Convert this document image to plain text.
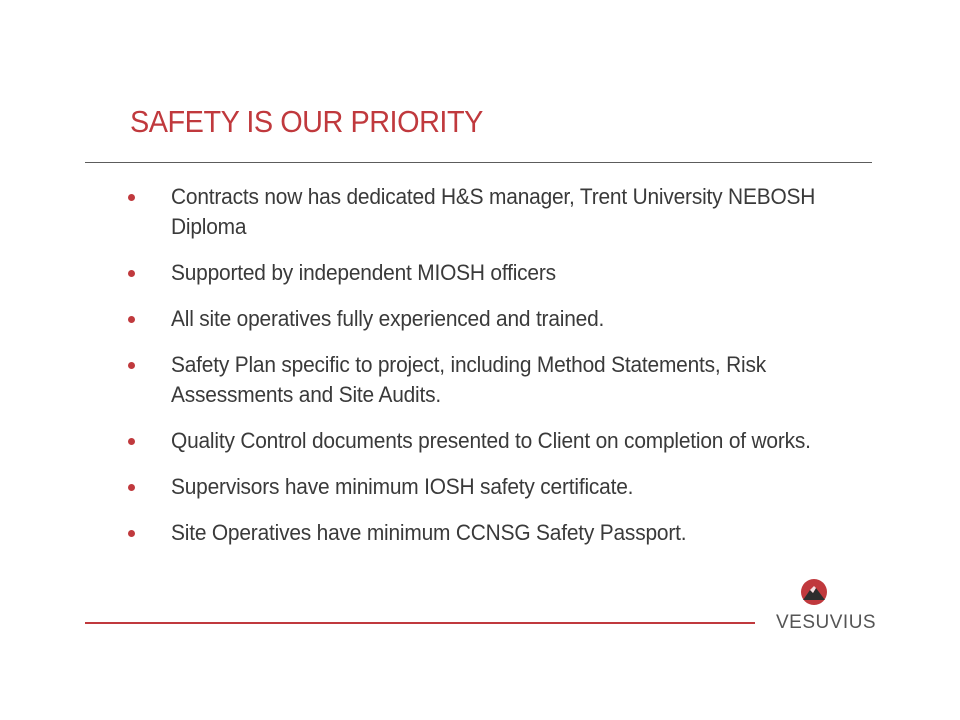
SAFETY IS OUR PRIORITY
Contracts now has dedicated H&S manager, Trent University NEBOSH Diploma
Supported by independent MIOSH officers
All site operatives fully experienced and trained.
Safety Plan specific to project, including Method Statements, Risk Assessments and Site Audits.
Quality Control documents presented to Client on completion of works.
Supervisors have minimum IOSH safety certificate.
Site Operatives have minimum CCNSG Safety Passport.
VESUVIUS
